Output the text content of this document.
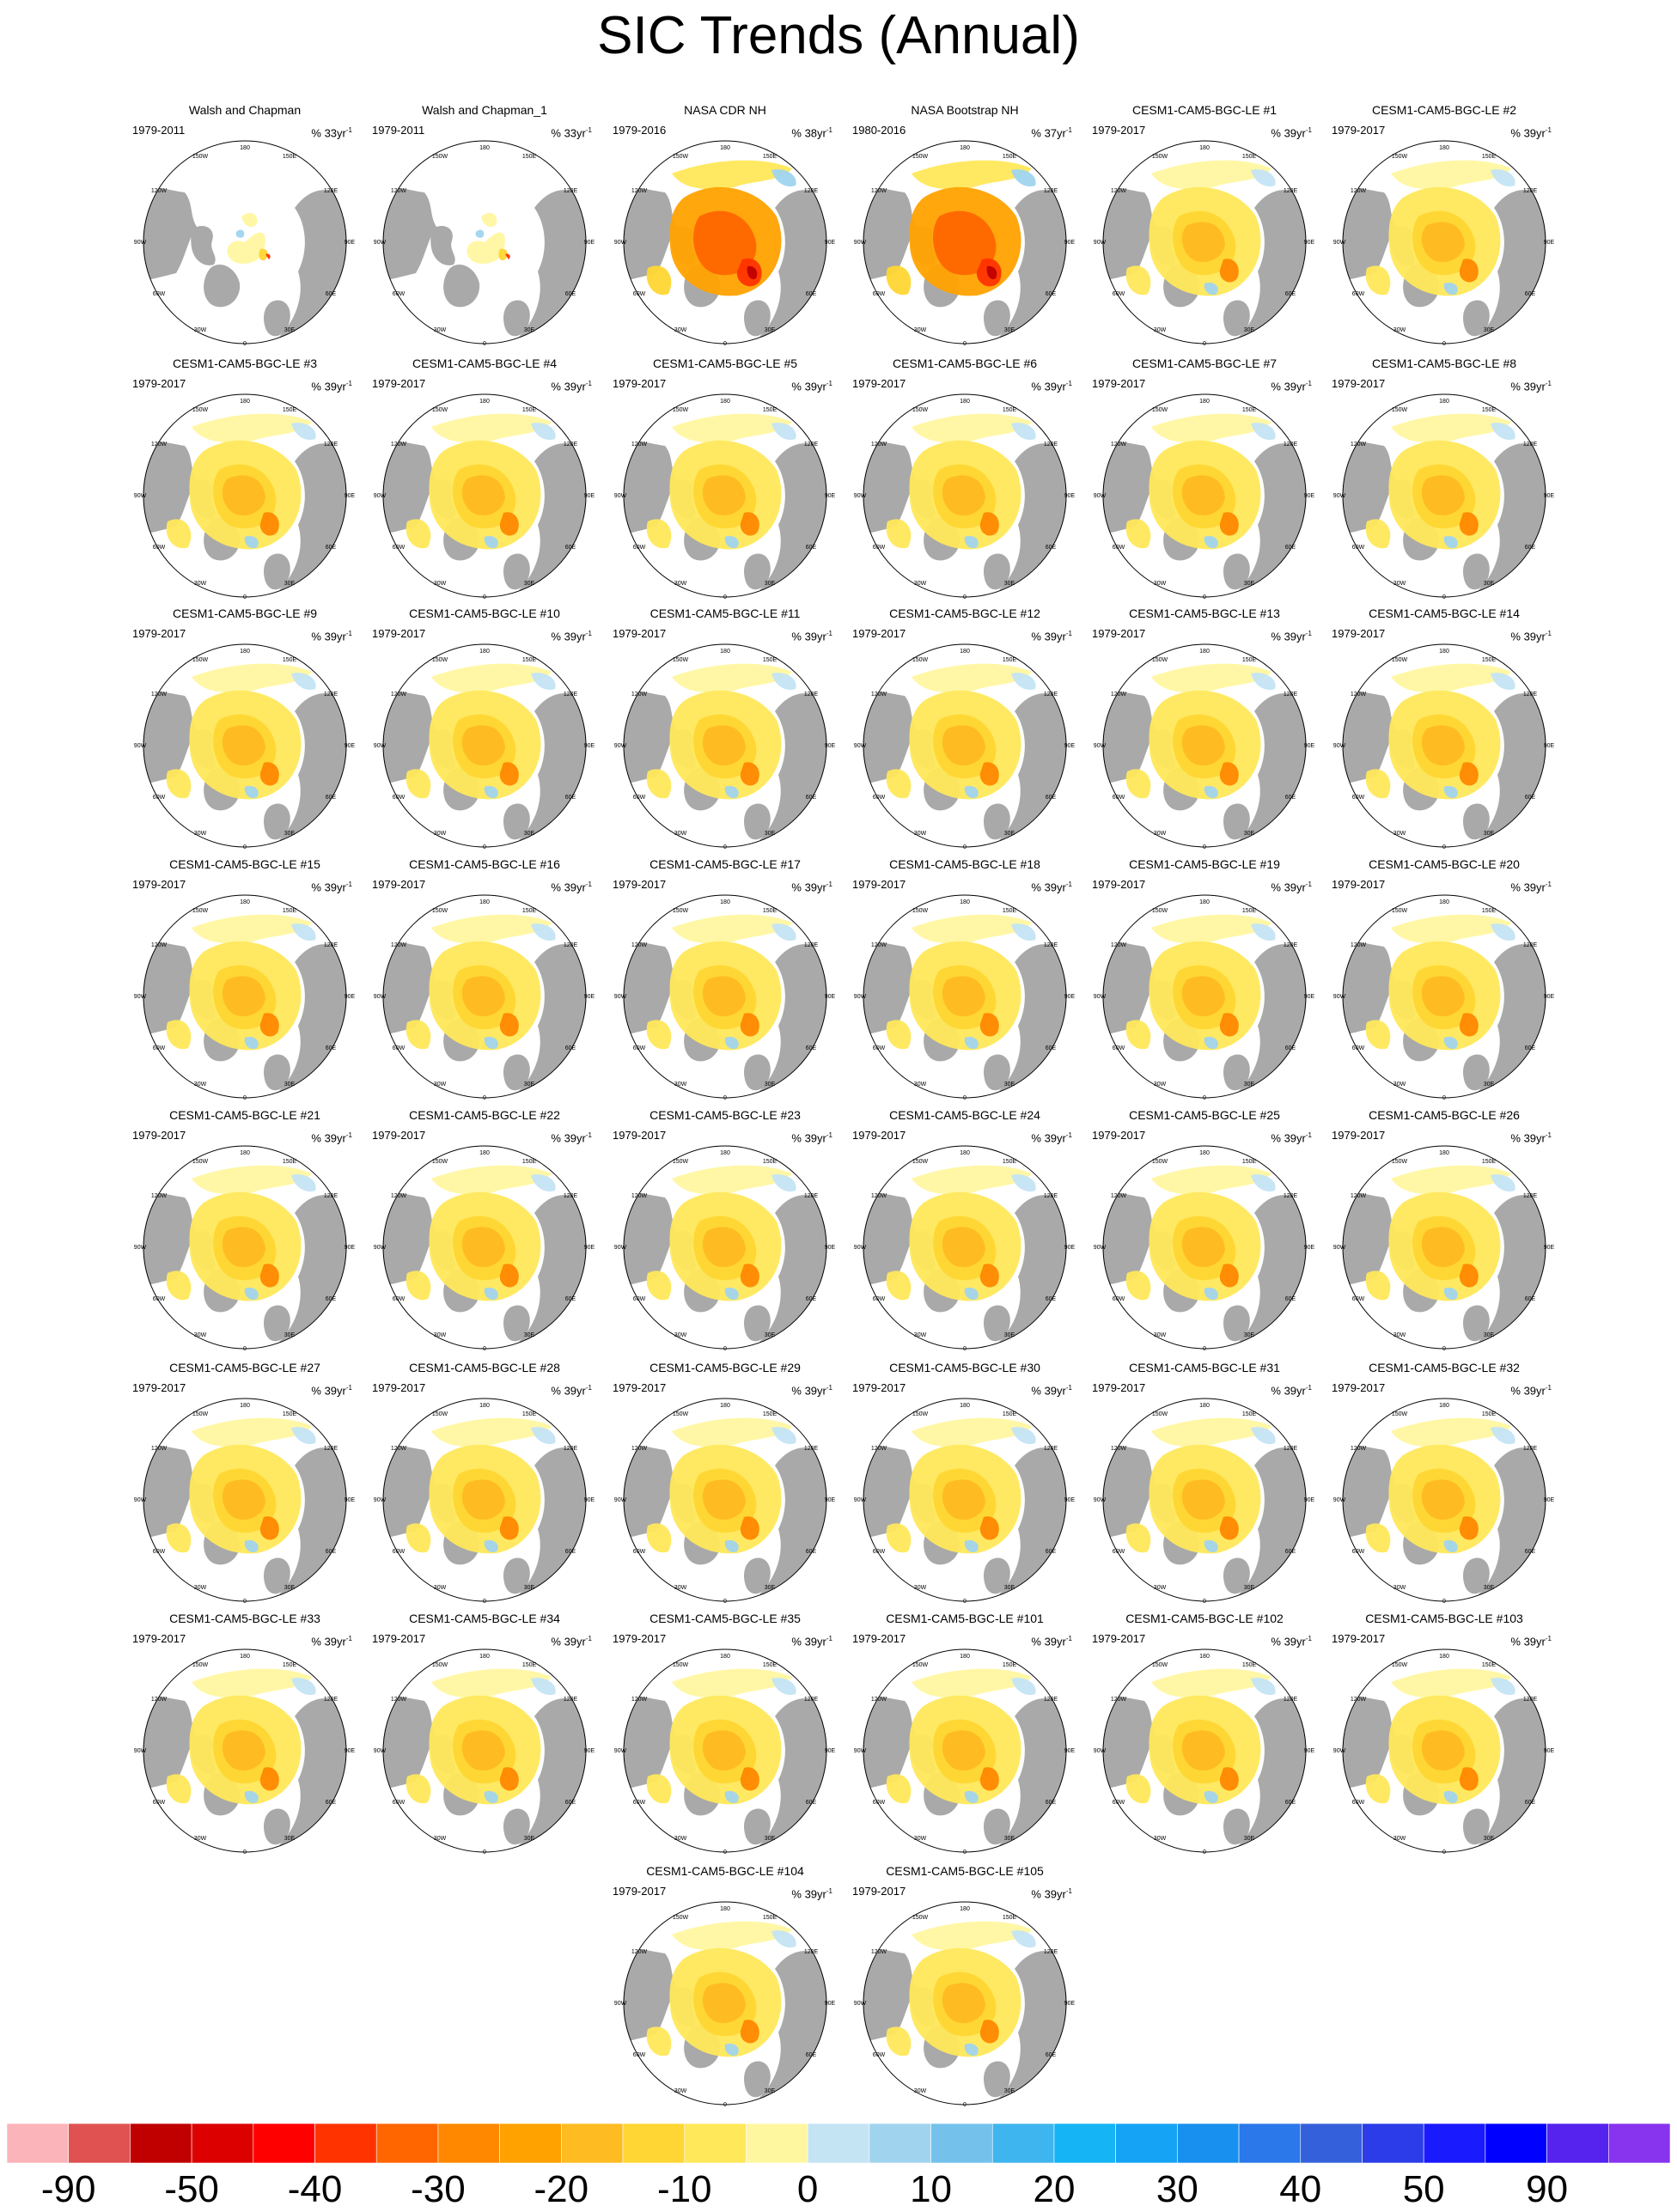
SIC Trends (Annual)
180
150W	150E
120W	120E
90W	90E
60W	60E
30W	30E
0
Walsh and Chapman
1979-2011	% $33yr^{-1}$
180
150W	150E
120W	120E
90W	90E
60W	60E
30W	30E
0
Walsh and Chapman_1
1979-2011	% $33yr^{-1}$
180
150W	150E
120W	120E
90W	90E
60W	60E
30W	30E
0
NASA CDR NH
1979-2016	% $38yr^{-1}$
180
150W	150E
120W	120E
90W	90E
60W	60E
30W	30E
0
NASA Bootstrap NH
1980-2016	% $37yr^{-1}$
180
150W	150E
120W	120E
90W	90E
60W	60E
30W	30E
0
CESM1-CAM5-BGC-LE #1
1979-2017	% $39yr^{-1}$
180
150W	150E
120W	120E
90W	90E
60W	60E
30W	30E
0
CESM1-CAM5-BGC-LE #2
1979-2017	% $39yr^{-1}$
180
150W	150E
120W	120E
90W	90E
60W	60E
30W	30E
0
CESM1-CAM5-BGC-LE #3
1979-2017	% $39yr^{-1}$
180
150W	150E
120W	120E
90W	90E
60W	60E
30W	30E
0
CESM1-CAM5-BGC-LE #4
1979-2017	% $39yr^{-1}$
180
150W	150E
120W	120E
90W	90E
60W	60E
30W	30E
0
CESM1-CAM5-BGC-LE #5
1979-2017	% $39yr^{-1}$
180
150W	150E
120W	120E
90W	90E
60W	60E
30W	30E
0
CESM1-CAM5-BGC-LE #6
1979-2017	% $39yr^{-1}$
180
150W	150E
120W	120E
90W	90E
60W	60E
30W	30E
0
CESM1-CAM5-BGC-LE #7
1979-2017	% $39yr^{-1}$
180
150W	150E
120W	120E
90W	90E
60W	60E
30W	30E
0
CESM1-CAM5-BGC-LE #8
1979-2017	% $39yr^{-1}$
180
150W	150E
120W	120E
90W	90E
60W	60E
30W	30E
0
CESM1-CAM5-BGC-LE #9
1979-2017	% $39yr^{-1}$
180
150W	150E
120W	120E
90W	90E
60W	60E
30W	30E
0
CESM1-CAM5-BGC-LE #10
1979-2017	% $39yr^{-1}$
180
150W	150E
120W	120E
90W	90E
60W	60E
30W	30E
0
CESM1-CAM5-BGC-LE #11
1979-2017	% $39yr^{-1}$
180
150W	150E
120W	120E
90W	90E
60W	60E
30W	30E
0
CESM1-CAM5-BGC-LE #12
1979-2017	% $39yr^{-1}$
180
150W	150E
120W	120E
90W	90E
60W	60E
30W	30E
0
CESM1-CAM5-BGC-LE #13
1979-2017	% $39yr^{-1}$
180
150W	150E
120W	120E
90W	90E
60W	60E
30W	30E
0
CESM1-CAM5-BGC-LE #14
1979-2017	% $39yr^{-1}$
180
150W	150E
120W	120E
90W	90E
60W	60E
30W	30E
0
CESM1-CAM5-BGC-LE #15
1979-2017	% $39yr^{-1}$
180
150W	150E
120W	120E
90W	90E
60W	60E
30W	30E
0
CESM1-CAM5-BGC-LE #16
1979-2017	% $39yr^{-1}$
180
150W	150E
120W	120E
90W	90E
60W	60E
30W	30E
0
CESM1-CAM5-BGC-LE #17
1979-2017	% $39yr^{-1}$
180
150W	150E
120W	120E
90W	90E
60W	60E
30W	30E
0
CESM1-CAM5-BGC-LE #18
1979-2017	% $39yr^{-1}$
180
150W	150E
120W	120E
90W	90E
60W	60E
30W	30E
0
CESM1-CAM5-BGC-LE #19
1979-2017	% $39yr^{-1}$
180
150W	150E
120W	120E
90W	90E
60W	60E
30W	30E
0
CESM1-CAM5-BGC-LE #20
1979-2017	% $39yr^{-1}$
180
150W	150E
120W	120E
90W	90E
60W	60E
30W	30E
0
CESM1-CAM5-BGC-LE #21
1979-2017	% $39yr^{-1}$
180
150W	150E
120W	120E
90W	90E
60W	60E
30W	30E
0
CESM1-CAM5-BGC-LE #22
1979-2017	% $39yr^{-1}$
180
150W	150E
120W	120E
90W	90E
60W	60E
30W	30E
0
CESM1-CAM5-BGC-LE #23
1979-2017	% $39yr^{-1}$
180
150W	150E
120W	120E
90W	90E
60W	60E
30W	30E
0
CESM1-CAM5-BGC-LE #24
1979-2017	% $39yr^{-1}$
180
150W	150E
120W	120E
90W	90E
60W	60E
30W	30E
0
CESM1-CAM5-BGC-LE #25
1979-2017	% $39yr^{-1}$
180
150W	150E
120W	120E
90W	90E
60W	60E
30W	30E
0
CESM1-CAM5-BGC-LE #26
1979-2017	% $39yr^{-1}$
180
150W	150E
120W	120E
90W	90E
60W	60E
30W	30E
0
CESM1-CAM5-BGC-LE #27
1979-2017	% $39yr^{-1}$
180
150W	150E
120W	120E
90W	90E
60W	60E
30W	30E
0
CESM1-CAM5-BGC-LE #28
1979-2017	% $39yr^{-1}$
180
150W	150E
120W	120E
90W	90E
60W	60E
30W	30E
0
CESM1-CAM5-BGC-LE #29
1979-2017	% $39yr^{-1}$
180
150W	150E
120W	120E
90W	90E
60W	60E
30W	30E
0
CESM1-CAM5-BGC-LE #30
1979-2017	% $39yr^{-1}$
180
150W	150E
120W	120E
90W	90E
60W	60E
30W	30E
0
CESM1-CAM5-BGC-LE #31
1979-2017	% $39yr^{-1}$
180
150W	150E
120W	120E
90W	90E
60W	60E
30W	30E
0
CESM1-CAM5-BGC-LE #32
1979-2017	% $39yr^{-1}$
180
150W	150E
120W	120E
90W	90E
60W	60E
30W	30E
0
CESM1-CAM5-BGC-LE #33
1979-2017	% $39yr^{-1}$
180
150W	150E
120W	120E
90W	90E
60W	60E
30W	30E
0
CESM1-CAM5-BGC-LE #34
1979-2017	% $39yr^{-1}$
180
150W	150E
120W	120E
90W	90E
60W	60E
30W	30E
0
CESM1-CAM5-BGC-LE #35
1979-2017	% $39yr^{-1}$
180
150W	150E
120W	120E
90W	90E
60W	60E
30W	30E
0
CESM1-CAM5-BGC-LE #101
1979-2017	% $39yr^{-1}$
180
150W	150E
120W	120E
90W	90E
60W	60E
30W	30E
0
CESM1-CAM5-BGC-LE #102
1979-2017	% $39yr^{-1}$
180
150W	150E
120W	120E
90W	90E
60W	60E
30W	30E
0
CESM1-CAM5-BGC-LE #103
1979-2017	% $39yr^{-1}$
180
150W	150E
120W	120E
90W	90E
60W	60E
30W	30E
0
CESM1-CAM5-BGC-LE #104
1979-2017	% $39yr^{-1}$
180
150W	150E
120W	120E
90W	90E
60W	60E
30W	30E
0
CESM1-CAM5-BGC-LE #105
1979-2017	% $39yr^{-1}$
-90 -50 -40 -30 -20 -10 0 10 20 30 40 50 90
